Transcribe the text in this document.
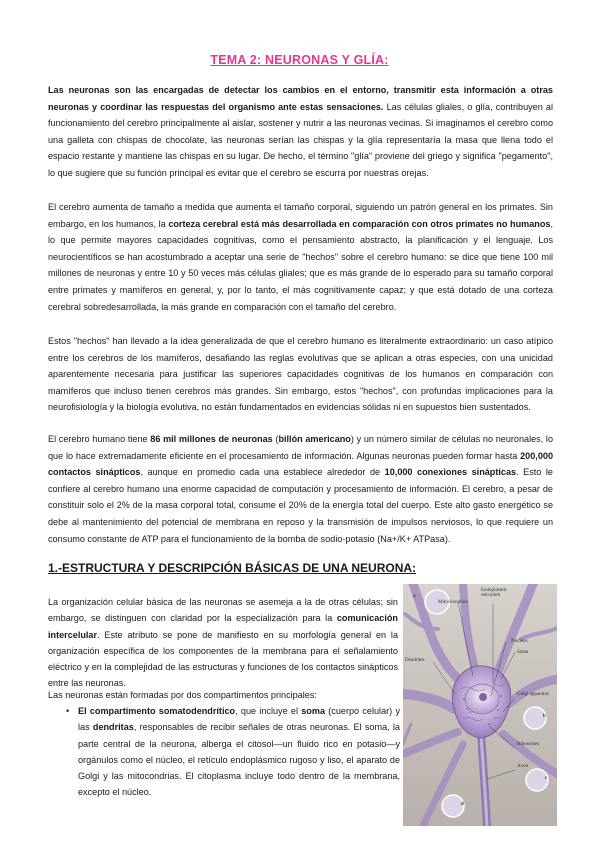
TEMA 2: NEURONAS Y GLÍA:

Las neuronas son las encargadas de detectar los cambios en el entorno, transmitir esta información a otras neuronas y coordinar las respuestas del organismo ante estas sensaciones. Las células gliales, o glía, contribuyen al funcionamiento del cerebro principalmente al aislar, sostener y nutrir a las neuronas vecinas. Si imaginamos el cerebro como una galleta con chispas de chocolate, las neuronas serían las chispas y la glía representaría la masa que llena todo el espacio restante y mantiene las chispas en su lugar. De hecho, el término "glía" proviene del griego y significa "pegamento", lo que sugiere que su función principal es evitar que el cerebro se escurra por nuestras orejas.

El cerebro aumenta de tamaño a medida que aumenta el tamaño corporal, siguiendo un patrón general en los primates. Sin embargo, en los humanos, la corteza cerebral está más desarrollada en comparación con otros primates no humanos, lo que permite mayores capacidades cognitivas, como el pensamiento abstracto, la planificación y el lenguaje. Los neurocientíficos se han acostumbrado a aceptar una serie de "hechos" sobre el cerebro humano: se dice que tiene 100 mil millones de neuronas y entre 10 y 50 veces más células gliales; que es más grande de lo esperado para su tamaño corporal entre primates y mamíferos en general, y, por lo tanto, el más cognitivamente capaz; y que está dotado de una corteza cerebral sobredesarrollada, la más grande en comparación con el tamaño del cerebro.

Estos "hechos" han llevado a la idea generalizada de que el cerebro humano es literalmente extraordinario: un caso atípico entre los cerebros de los mamíferos, desafiando las reglas evolutivas que se aplican a otras especies, con una unicidad aparentemente necesaria para justificar las superiores capacidades cognitivas de los humanos en comparación con mamíferos que incluso tienen cerebros más grandes. Sin embargo, estos "hechos", con profundas implicaciones para la neurofisiología y la biología evolutiva, no están fundamentados en evidencias sólidas ni en supuestos bien sustentados.

El cerebro humano tiene 86 mil millones de neuronas (billón americano) y un número similar de células no neuronales, lo que lo hace extremadamente eficiente en el procesamiento de información. Algunas neuronas pueden formar hasta 200,000 contactos sinápticos, aunque en promedio cada una establece alrededor de 10,000 conexiones sinápticas. Esto le confiere al cerebro humano una enorme capacidad de computación y procesamiento de información. El cerebro, a pesar de constituir solo el 2% de la masa corporal total, consume el 20% de la energía total del cuerpo. Este alto gasto energético se debe al mantenimiento del potencial de membrana en reposo y la transmisión de impulsos nerviosos, lo que requiere un consumo constante de ATP para el funcionamiento de la bomba de sodio-potasio (Na+/K+ ATPasa).

1.-ESTRUCTURA Y DESCRIPCIÓN BÁSICAS DE UNA NEURONA:

La organización celular básica de las neuronas se asemeja a la de otras células; sin embargo, se distinguen con claridad por la especialización para la comunicación intercelular. Este atributo se pone de manifiesto en su morfología general en la organización específica de los componentes de la membrana para el señalamiento eléctrico y en la complejidad de las estructuras y funciones de los contactos sinápticos entre las neuronas.

Las neuronas están formadas por dos compartimentos principales:

• El compartimento somatodendrítico, que incluye el soma (cuerpo celular) y las dendritas, responsables de recibir señales de otras neuronas. El soma, la parte central de la neurona, alberga el citosol—un fluido rico en potasio—y orgánulos como el núcleo, el retículo endoplásmico rugoso y liso, el aparato de Golgi y las mitocondrias. El citoplasma incluye todo dentro de la membrana, excepto el núcleo.

Mitochondrion
Endoplasmic reticulum
Nucleus
Soma
Dendrites
Golgi apparatus
Ribosomes
Axon
a
b
c
d
